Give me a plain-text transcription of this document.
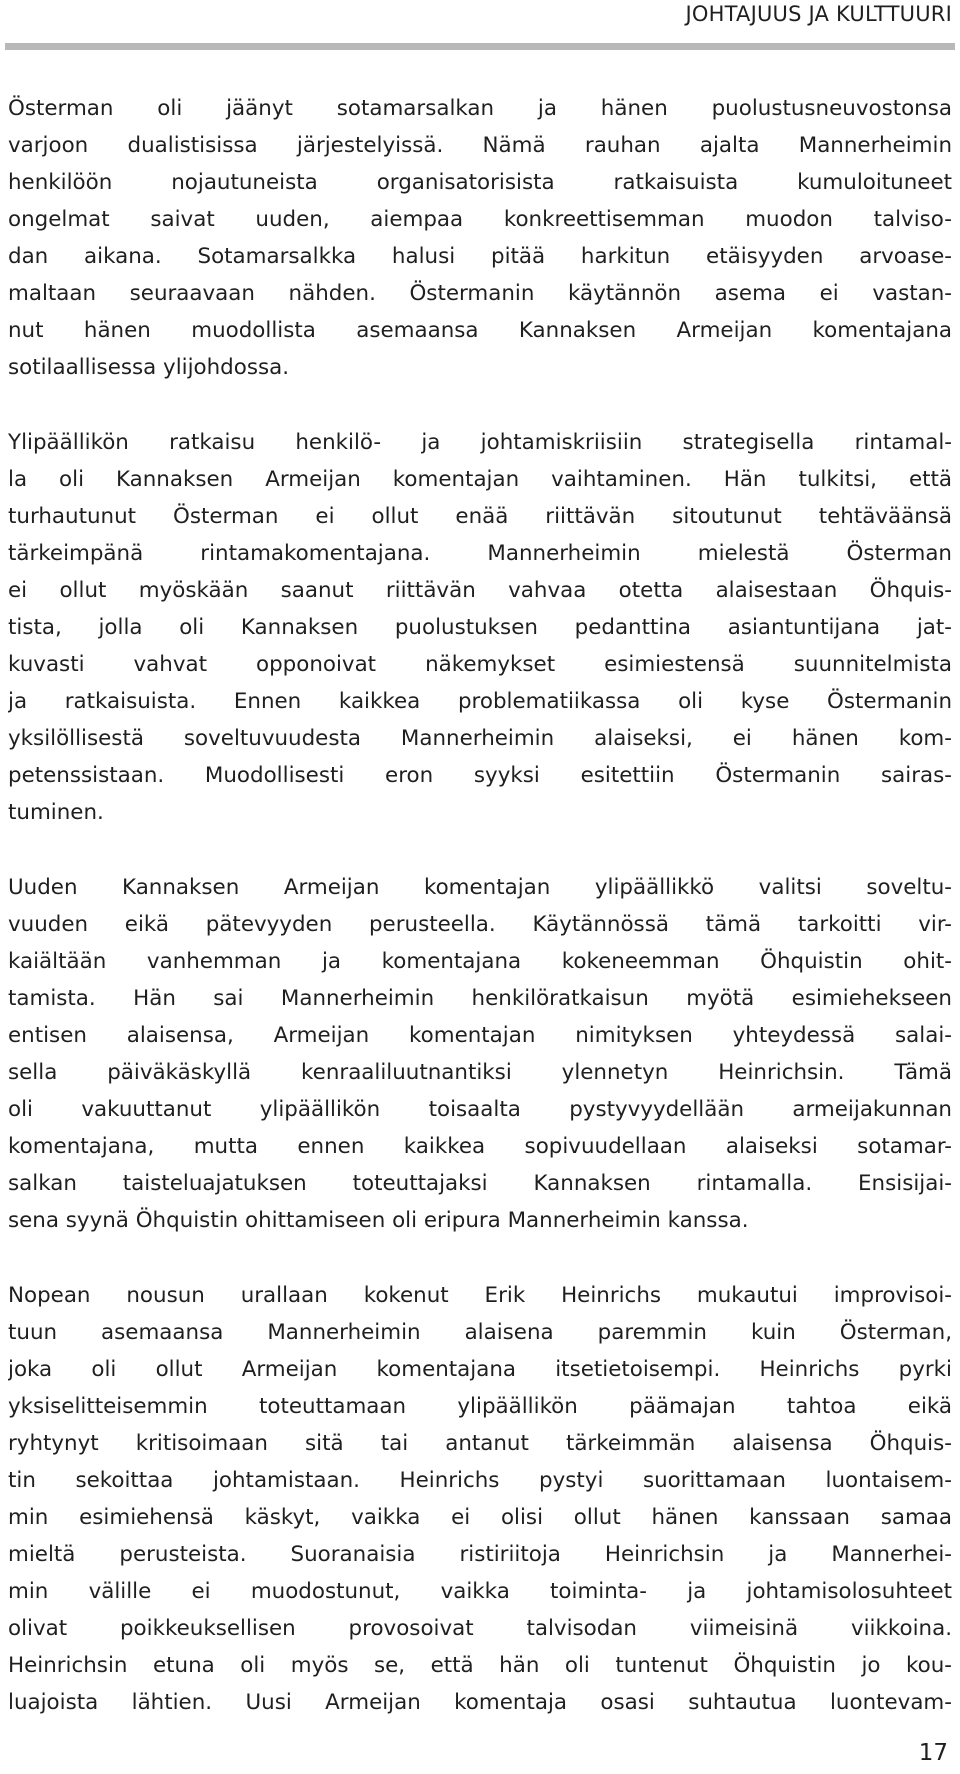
JOHTAJUUS JA KULTTUURI

Österman oli jäänyt sotamarsalkan ja hänen puolustusneuvostonsa
varjoon dualistisissa järjestelyissä. Nämä rauhan ajalta Mannerheimin
henkilöön nojautuneista organisatorisista ratkaisuista kumuloituneet
ongelmat saivat uuden, aiempaa konkreettisemman muodon talviso-
dan aikana. Sotamarsalkka halusi pitää harkitun etäisyyden arvoase-
maltaan seuraavaan nähden. Östermanin käytännön asema ei vastan-
nut hänen muodollista asemaansa Kannaksen Armeijan komentajana
sotilaallisessa ylijohdossa.

Ylipäällikön ratkaisu henkilö- ja johtamiskriisiin strategisella rintamal-
la oli Kannaksen Armeijan komentajan vaihtaminen. Hän tulkitsi, että
turhautunut Österman ei ollut enää riittävän sitoutunut tehtäväänsä
tärkeimpänä rintamakomentajana. Mannerheimin mielestä Österman
ei ollut myöskään saanut riittävän vahvaa otetta alaisestaan Öhquis-
tista, jolla oli Kannaksen puolustuksen pedanttina asiantuntijana jat-
kuvasti vahvat opponoivat näkemykset esimiestensä suunnitelmista
ja ratkaisuista. Ennen kaikkea problematiikassa oli kyse Östermanin
yksilöllisestä soveltuvuudesta Mannerheimin alaiseksi, ei hänen kom-
petenssistaan. Muodollisesti eron syyksi esitettiin Östermanin sairas-
tuminen.

Uuden Kannaksen Armeijan komentajan ylipäällikkö valitsi soveltu-
vuuden eikä pätevyyden perusteella. Käytännössä tämä tarkoitti vir-
kaiältään vanhemman ja komentajana kokeneemman Öhquistin ohit-
tamista. Hän sai Mannerheimin henkilöratkaisun myötä esimiehekseen
entisen alaisensa, Armeijan komentajan nimityksen yhteydessä salai-
sella päiväkäskyllä kenraaliluutnantiksi ylennetyn Heinrichsin. Tämä
oli vakuuttanut ylipäällikön toisaalta pystyvyydellään armeijakunnan
komentajana, mutta ennen kaikkea sopivuudellaan alaiseksi sotamar-
salkan taisteluajatuksen toteuttajaksi Kannaksen rintamalla. Ensisijai-
sena syynä Öhquistin ohittamiseen oli eripura Mannerheimin kanssa.

Nopean nousun urallaan kokenut Erik Heinrichs mukautui improvisoi-
tuun asemaansa Mannerheimin alaisena paremmin kuin Österman,
joka oli ollut Armeijan komentajana itsetietoisempi. Heinrichs pyrki
yksiselitteisemmin toteuttamaan ylipäällikön päämajan tahtoa eikä
ryhtynyt kritisoimaan sitä tai antanut tärkeimmän alaisensa Öhquis-
tin sekoittaa johtamistaan. Heinrichs pystyi suorittamaan luontaisem-
min esimiehensä käskyt, vaikka ei olisi ollut hänen kanssaan samaa
mieltä perusteista. Suoranaisia ristiriitoja Heinrichsin ja Mannerhei-
min välille ei muodostunut, vaikka toiminta- ja johtamisolosuhteet
olivat poikkeuksellisen provosoivat talvisodan viimeisinä viikkoina.
Heinrichsin etuna oli myös se, että hän oli tuntenut Öhquistin jo kou-
luajoista lähtien. Uusi Armeijan komentaja osasi suhtautua luontevam-

17
